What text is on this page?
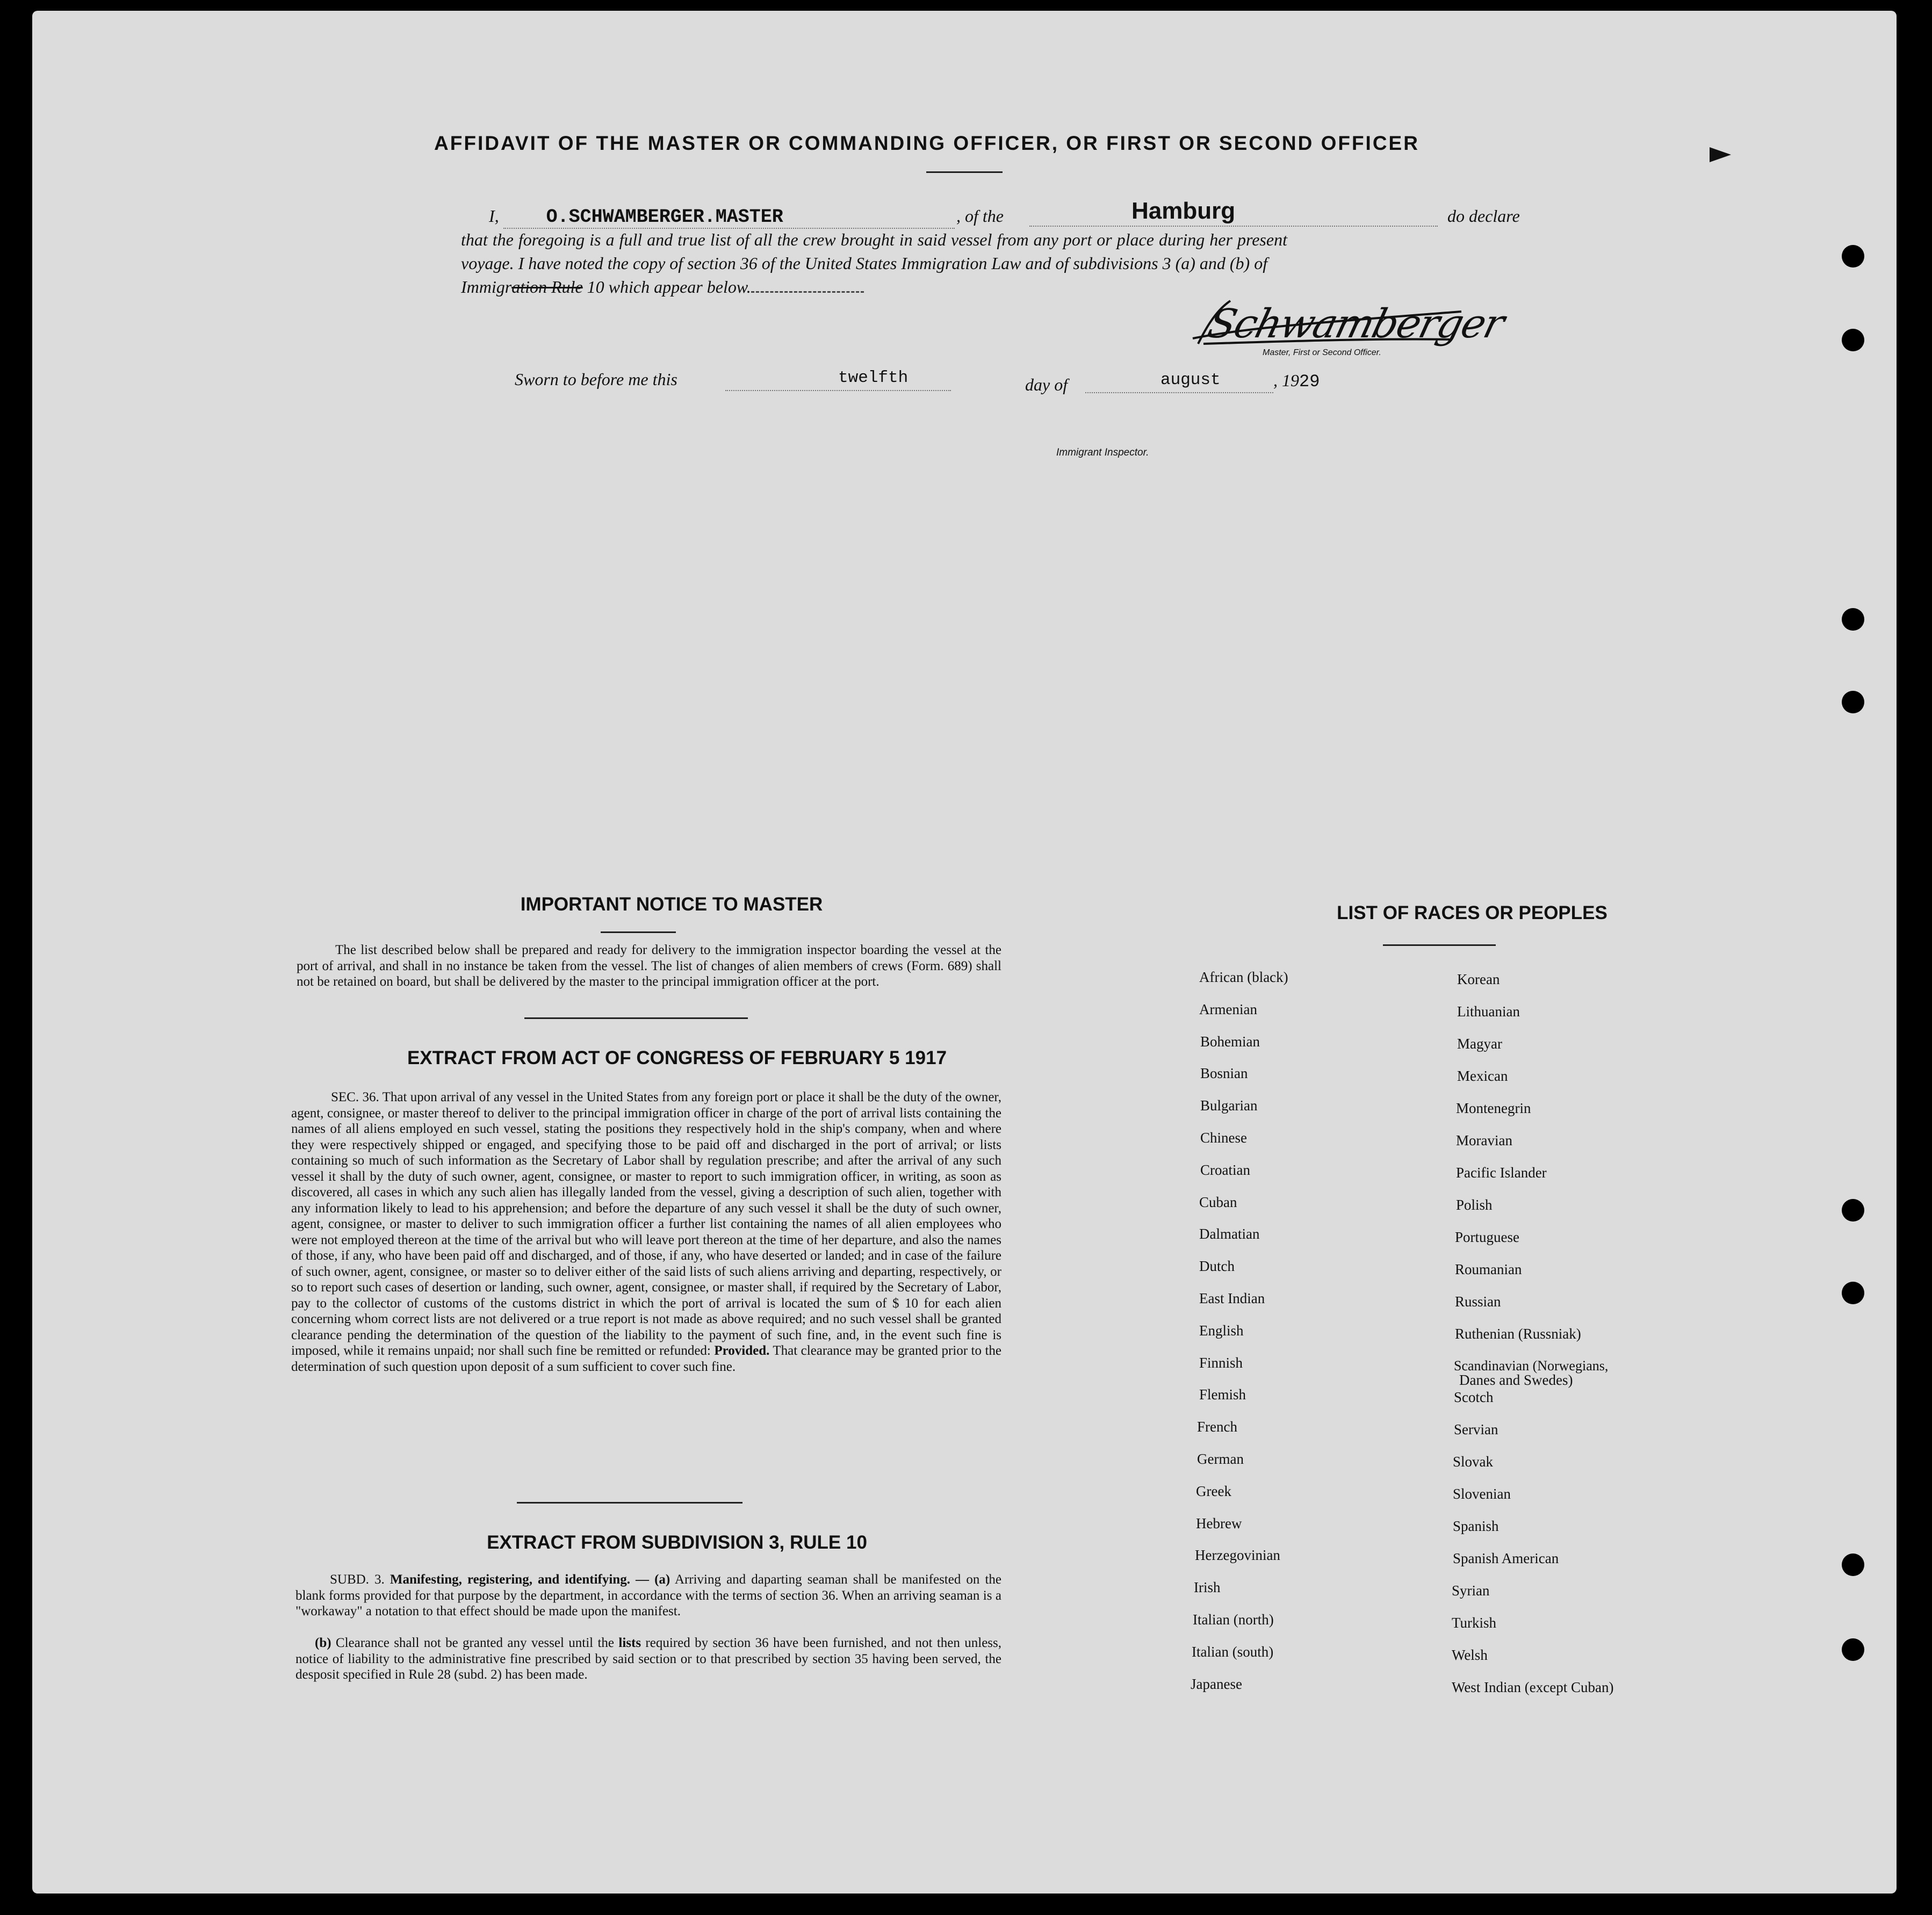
AFFIDAVIT OF THE MASTER OR COMMANDING OFFICER, OR FIRST OR SECOND OFFICER
I,	O.SCHWAMBERGER.MASTER	, of the	Hamburg	do declare
that the foregoing is a full and true list of all the crew brought in said vessel from any port or place during her present
voyage. I have noted the copy of section 36 of the United States Immigration Law and of subdivisions 3 (a) and (b) of
Immigration Rule 10 which appear below.
Schwamberger
Master, First or Second Officer.
Sworn to before me this	twelfth	day of	august	, 1929
Immigrant Inspector.
IMPORTANT NOTICE TO MASTER

The list described below shall be prepared and ready for delivery to the immigration inspector boarding the vessel at the port of arrival, and shall in no instance be taken from the vessel. The list of changes of alien members of crews (Form. 689) shall not be retained on board, but shall be delivered by the master to the principal immigration officer at the port.

EXTRACT FROM ACT OF CONGRESS OF FEBRUARY 5 1917

SEC. 36. That upon arrival of any vessel in the United States from any foreign port or place it shall be the duty of the owner, agent, consignee, or master thereof to deliver to the principal immigration officer in charge of the port of arrival lists containing the names of all aliens employed en such vessel, stating the positions they respectively hold in the ship's company, when and where they were respectively shipped or engaged, and specifying those to be paid off and discharged in the port of arrival; or lists containing so much of such information as the Secretary of Labor shall by regulation prescribe; and after the arrival of any such vessel it shall by the duty of such owner, agent, consignee, or master to report to such immigration officer, in writing, as soon as discovered, all cases in which any such alien has illegally landed from the vessel, giving a description of such alien, together with any information likely to lead to his apprehension; and before the departure of any such vessel it shall be the duty of such owner, agent, consignee, or master to deliver to such immigration officer a further list containing the names of all alien employees who were not employed thereon at the time of the arrival but who will leave port thereon at the time of her departure, and also the names of those, if any, who have been paid off and discharged, and of those, if any, who have deserted or landed; and in case of the failure of such owner, agent, consignee, or master so to deliver either of the said lists of such aliens arriving and departing, respectively, or so to report such cases of desertion or landing, such owner, agent, consignee, or master shall, if required by the Secretary of Labor, pay to the collector of customs of the customs district in which the port of arrival is located the sum of $ 10 for each alien concerning whom correct lists are not delivered or a true report is not made as above required; and no such vessel shall be granted clearance pending the determination of the question of the liability to the payment of such fine, and, in the event such fine is imposed, while it remains unpaid; nor shall such fine be remitted or refunded: Provided. That clearance may be granted prior to the determination of such question upon deposit of a sum sufficient to cover such fine.

EXTRACT FROM SUBDIVISION 3, RULE 10

SUBD. 3. Manifesting, registering, and identifying. — (a) Arriving and daparting seaman shall be manifested on the blank forms provided for that purpose by the department, in accordance with the terms of section 36. When an arriving seaman is a "workaway" a notation to that effect should be made upon the manifest.

(b) Clearance shall not be granted any vessel until the lists required by section 36 have been furnished, and not then unless, notice of liability to the administrative fine prescribed by said section or to that prescribed by section 35 having been served, the desposit specified in Rule 28 (subd. 2) has been made.

LIST OF RACES OR PEOPLES
African (black)
Armenian
Bohemian
Bosnian
Bulgarian
Chinese
Croatian
Cuban
Dalmatian
Dutch
East Indian
English
Finnish
Flemish
French
German
Greek
Hebrew
Herzegovinian
Irish
Italian (north)
Italian (south)
Japanese
Korean
Lithuanian
Magyar
Mexican
Montenegrin
Moravian
Pacific Islander
Polish
Portuguese
Roumanian
Russian
Ruthenian (Russniak)
Scandinavian (Norwegians,
Danes and Swedes)
Scotch
Servian
Slovak
Slovenian
Spanish
Spanish American
Syrian
Turkish
Welsh
West Indian (except Cuban)
